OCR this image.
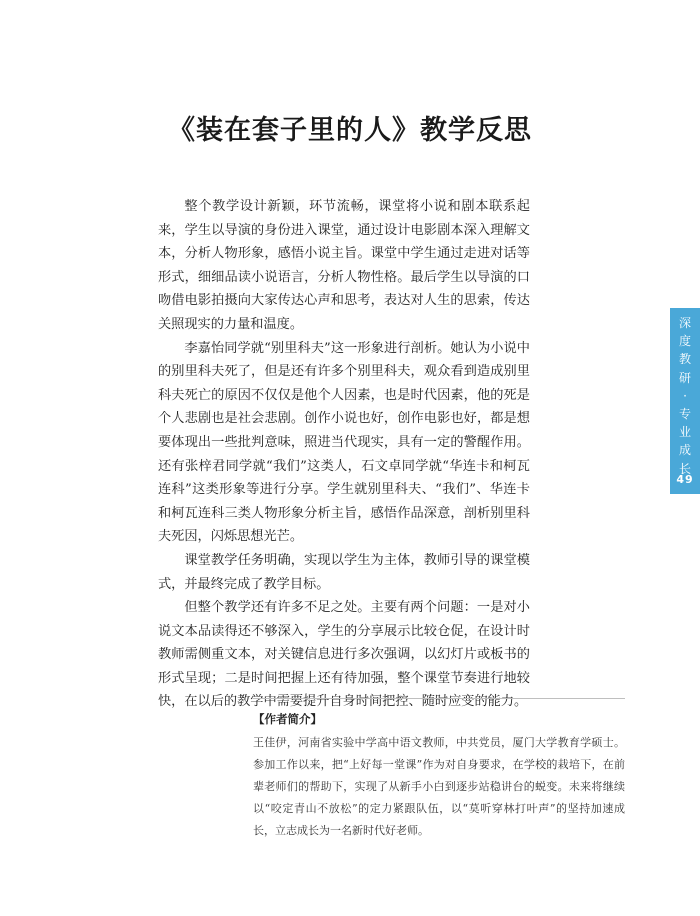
《装在套子里的人》教学反思

整个教学设计新颖，环节流畅，课堂将小说和剧本联系起来，学生以导演的身份进入课堂，通过设计电影剧本深入理解文本，分析人物形象，感悟小说主旨。课堂中学生通过走进对话等形式，细细品读小说语言，分析人物性格。最后学生以导演的口吻借电影拍摄向大家传达心声和思考，表达对人生的思索，传达关照现实的力量和温度。

李嘉怡同学就“别里科夫”这一形象进行剖析。她认为小说中的别里科夫死了，但是还有许多个别里科夫，观众看到造成别里科夫死亡的原因不仅仅是他个人因素，也是时代因素，他的死是个人悲剧也是社会悲剧。创作小说也好，创作电影也好，都是想要体现出一些批判意味，照进当代现实，具有一定的警醒作用。还有张梓君同学就“我们”这类人，石文卓同学就“华连卡和柯瓦连科”这类形象等进行分享。学生就别里科夫、“我们”、华连卡和柯瓦连科三类人物形象分析主旨，感悟作品深意，剖析别里科夫死因，闪烁思想光芒。

课堂教学任务明确，实现以学生为主体，教师引导的课堂模式，并最终完成了教学目标。

但整个教学还有许多不足之处。主要有两个问题：一是对小说文本品读得还不够深入，学生的分享展示比较仓促，在设计时教师需侧重文本，对关键信息进行多次强调，以幻灯片或板书的形式呈现；二是时间把握上还有待加强，整个课堂节奏进行地较快，在以后的教学中需要提升自身时间把控、随时应变的能力。

深
度
教
研
·
专
业
成
长
49
【作者简介】
王佳伊，河南省实验中学高中语文教师，中共党员，厦门大学教育学硕士。参加工作以来，把“上好每一堂课”作为对自身要求，在学校的栽培下，在前辈老师们的帮助下，实现了从新手小白到逐步站稳讲台的蜕变。未来将继续以“咬定青山不放松”的定力紧跟队伍，以“莫听穿林打叶声”的坚持加速成长，立志成长为一名新时代好老师。
